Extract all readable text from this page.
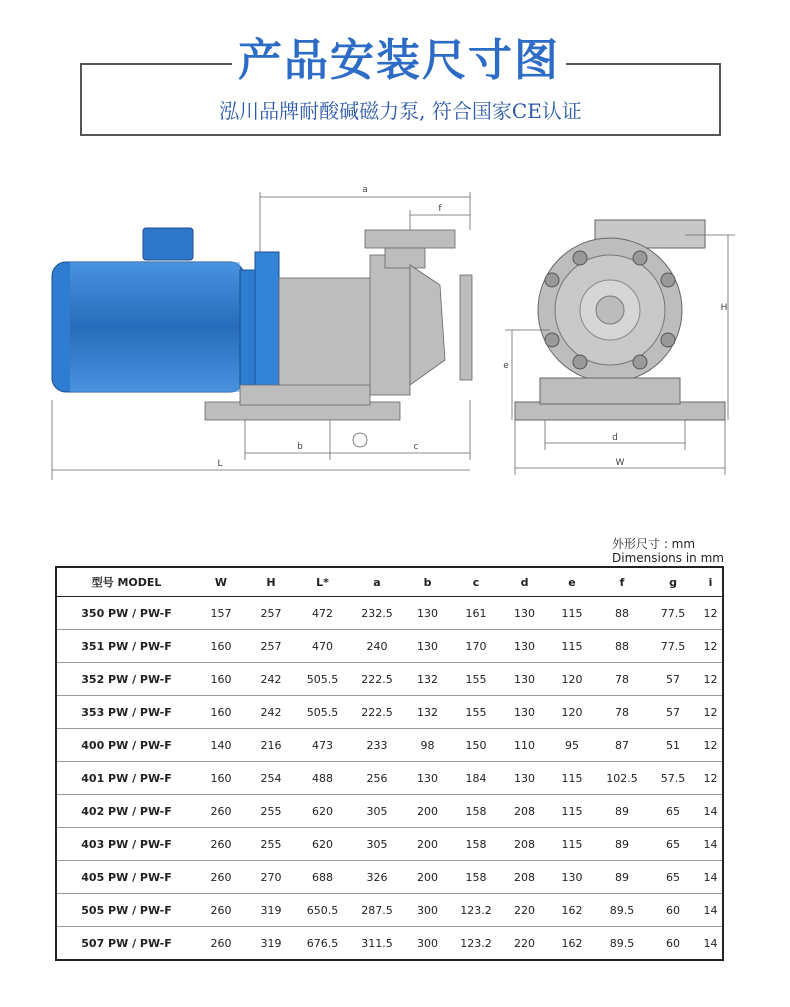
产品安装尺寸图
泓川品牌耐酸碱磁力泵, 符合国家CE认证
a
f
b	c
L
H
e
d
W
外形尺寸 : mm
Dimensions in mm
型号 MODEL	W	H	L*	a	b	c	d	e	f	g	i
350 PW / PW-F	157	257	472	232.5	130	161	130	115	88	77.5	12
351 PW / PW-F	160	257	470	240	130	170	130	115	88	77.5	12
352 PW / PW-F	160	242	505.5	222.5	132	155	130	120	78	57	12
353 PW / PW-F	160	242	505.5	222.5	132	155	130	120	78	57	12
400 PW / PW-F	140	216	473	233	98	150	110	95	87	51	12
401 PW / PW-F	160	254	488	256	130	184	130	115	102.5	57.5	12
402 PW / PW-F	260	255	620	305	200	158	208	115	89	65	14
403 PW / PW-F	260	255	620	305	200	158	208	115	89	65	14
405 PW / PW-F	260	270	688	326	200	158	208	130	89	65	14
505 PW / PW-F	260	319	650.5	287.5	300	123.2	220	162	89.5	60	14
507 PW / PW-F	260	319	676.5	311.5	300	123.2	220	162	89.5	60	14
